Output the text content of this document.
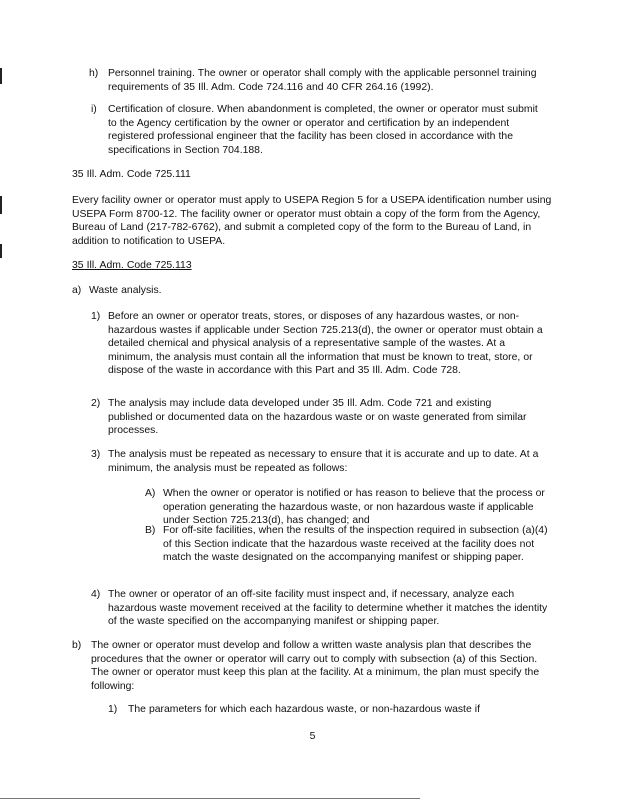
h) Personnel training. The owner or operator shall comply with the applicable personnel training requirements of 35 Ill. Adm. Code 724.116 and 40 CFR 264.16 (1992).

i) Certification of closure. When abandonment is completed, the owner or operator must submit to the Agency certification by the owner or operator and certification by an independent registered professional engineer that the facility has been closed in accordance with the specifications in Section 704.188.

35 Ill. Adm. Code 725.111

Every facility owner or operator must apply to USEPA Region 5 for a USEPA identification number using USEPA Form 8700-12. The facility owner or operator must obtain a copy of the form from the Agency, Bureau of Land (217-782-6762), and submit a completed copy of the form to the Bureau of Land, in addition to notification to USEPA.

35 Ill. Adm. Code 725.113

a) Waste analysis.

1) Before an owner or operator treats, stores, or disposes of any hazardous wastes, or non-hazardous wastes if applicable under Section 725.213(d), the owner or operator must obtain a detailed chemical and physical analysis of a representative sample of the wastes. At a minimum, the analysis must contain all the information that must be known to treat, store, or dispose of the waste in accordance with this Part and 35 Ill. Adm. Code 728.

2) The analysis may include data developed under 35 Ill. Adm. Code 721 and existing published or documented data on the hazardous waste or on waste generated from similar processes.

3) The analysis must be repeated as necessary to ensure that it is accurate and up to date. At a minimum, the analysis must be repeated as follows:

A) When the owner or operator is notified or has reason to believe that the process or operation generating the hazardous waste, or non hazardous waste if applicable under Section 725.213(d), has changed; and

B) For off-site facilities, when the results of the inspection required in subsection (a)(4) of this Section indicate that the hazardous waste received at the facility does not match the waste designated on the accompanying manifest or shipping paper.

4) The owner or operator of an off-site facility must inspect and, if necessary, analyze each hazardous waste movement received at the facility to determine whether it matches the identity of the waste specified on the accompanying manifest or shipping paper.

b) The owner or operator must develop and follow a written waste analysis plan that describes the procedures that the owner or operator will carry out to comply with subsection (a) of this Section. The owner or operator must keep this plan at the facility. At a minimum, the plan must specify the following:

1) The parameters for which each hazardous waste, or non-hazardous waste if

5
